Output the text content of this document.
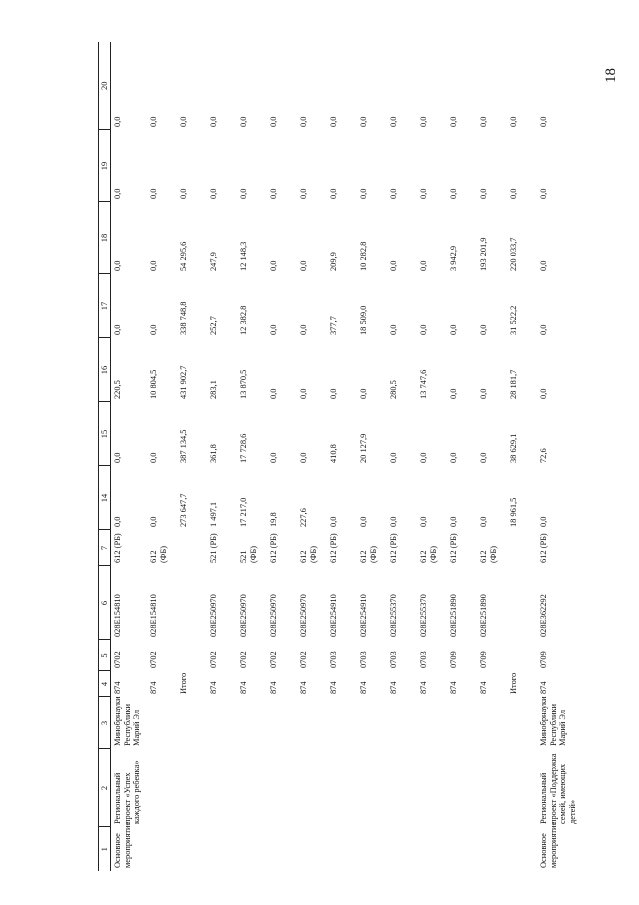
18
1	2	3	4	5	6	7	14	15	16	17	18	19	20
Основное мероприятие	Региональный проект «Успех каждого ребенка»	Минобрнауки Республики Марий Эл	874	0702	028E154810	612 (РБ)	0,0	0,0	220,5	0,0	0,0	0,0	0,0
			874	0702	028E154810	612 (ФБ)	0,0	0,0	10 804,5	0,0	0,0	0,0	0,0
			Итого				273 647,7	387 134,5	431 902,7	338 748,8	54 295,6	0,0	0,0
			874	0702	028E250970	521 (РБ)	1 497,1	361,8	283,1	252,7	247,9	0,0	0,0
			874	0702	028E250970	521 (ФБ)	17 217,0	17 728,6	13 870,5	12 382,8	12 148,3	0,0	0,0
			874	0702	028E250970	612 (РБ)	19,8	0,0	0,0	0,0	0,0	0,0	0,0
			874	0702	028E250970	612 (ФБ)	227,6	0,0	0,0	0,0	0,0	0,0	0,0
			874	0703	028E254910	612 (РБ)	0,0	410,8	0,0	377,7	209,9	0,0	0,0
			874	0703	028E254910	612 (ФБ)	0,0	20 127,9	0,0	18 509,0	10 282,8	0,0	0,0
			874	0703	028E255370	612 (РБ)	0,0	0,0	280,5	0,0	0,0	0,0	0,0
			874	0703	028E255370	612 (ФБ)	0,0	0,0	13 747,6	0,0	0,0	0,0	0,0
			874	0709	028E251890	612 (РБ)	0,0	0,0	0,0	0,0	3 942,9	0,0	0,0
			874	0709	028E251890	612 (ФБ)	0,0	0,0	0,0	0,0	193 201,9	0,0	0,0
			Итого				18 961,5	38 629,1	28 181,7	31 522,2	220 033,7	0,0	0,0
Основное мероприятие	Региональный проект «Поддержка семей, имеющих детей»	Минобрнауки Республики Марий Эл	874	0709	028E362292	612 (РБ)	0,0	72,6	0,0	0,0	0,0	0,0	0,0
